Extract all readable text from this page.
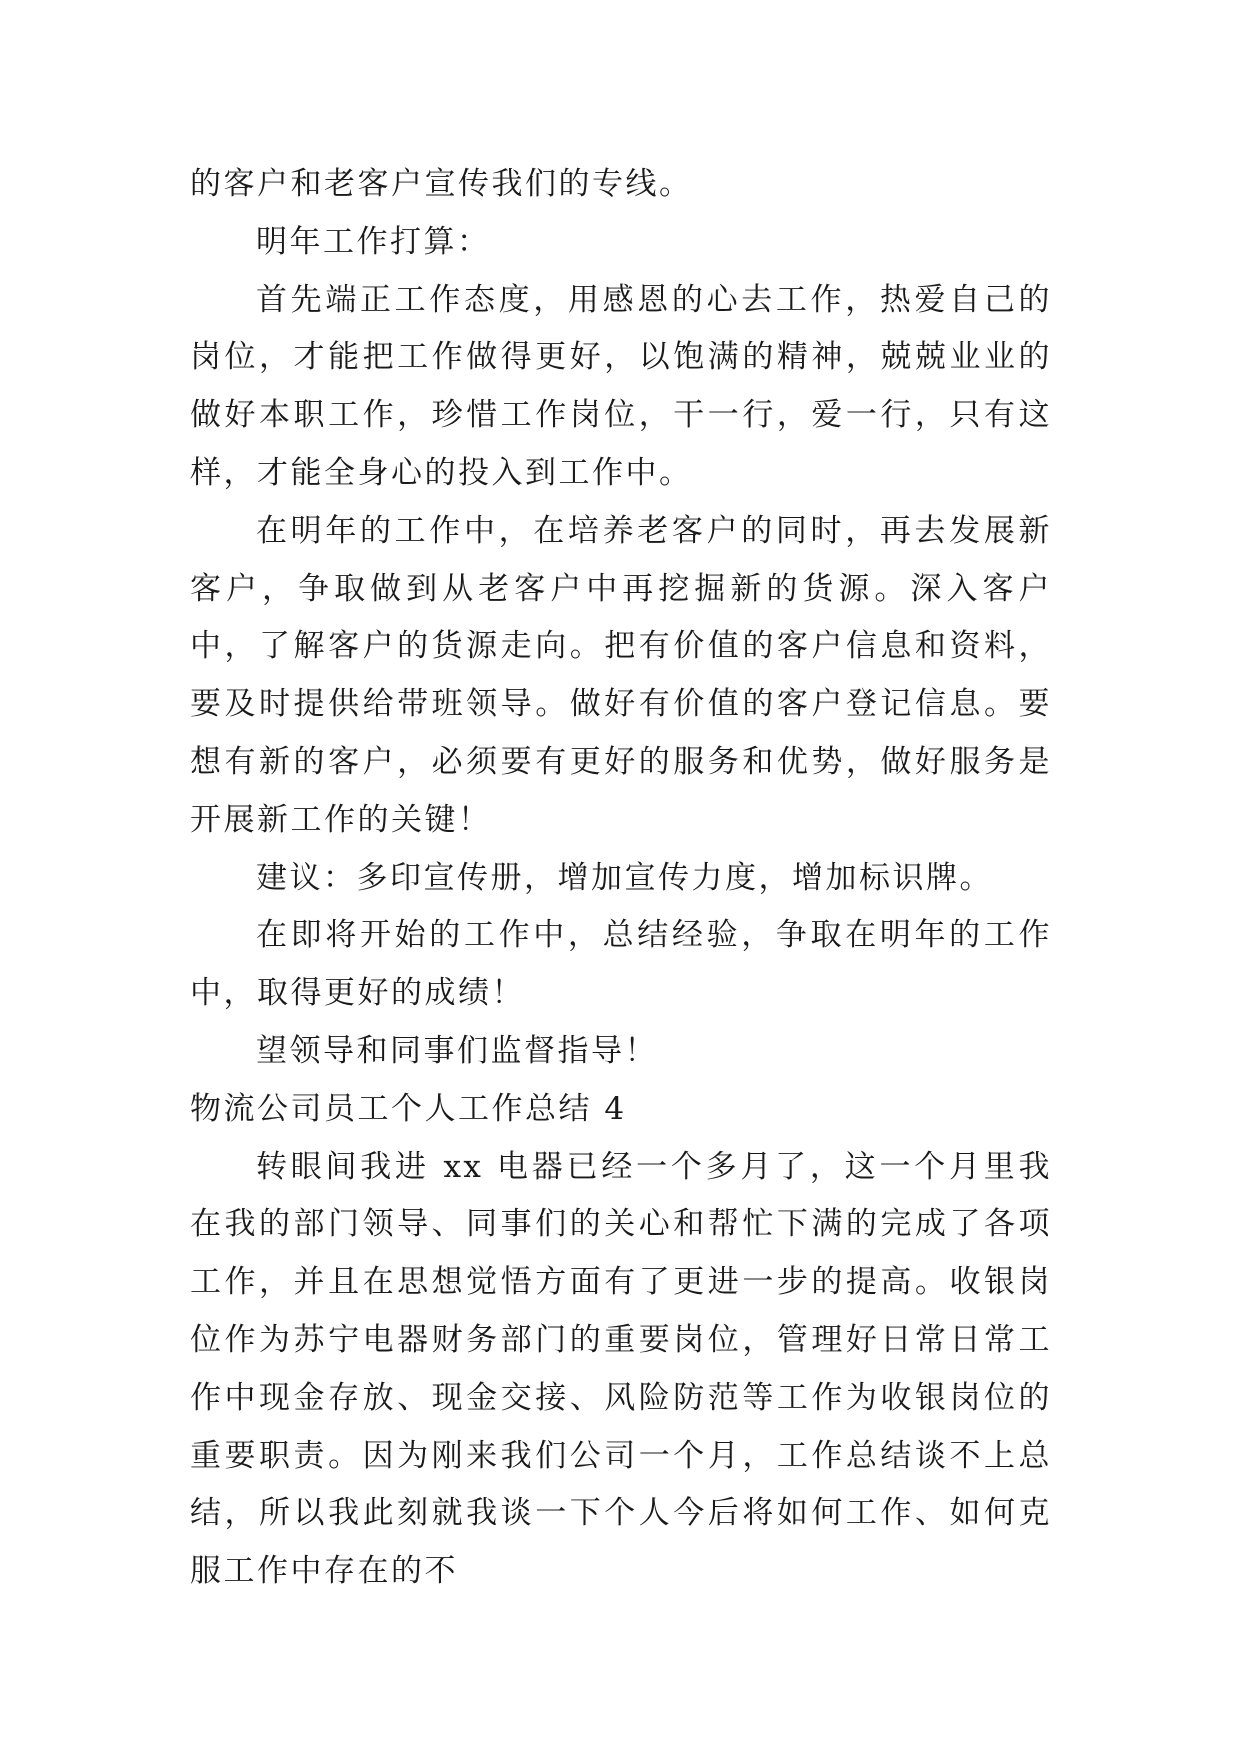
的客户和老客户宣传我们的专线。

明年工作打算：

首先端正工作态度，用感恩的心去工作，热爱自己的岗位，才能把工作做得更好，以饱满的精神，兢兢业业的做好本职工作，珍惜工作岗位，干一行，爱一行，只有这样，才能全身心的投入到工作中。

在明年的工作中，在培养老客户的同时，再去发展新客户，争取做到从老客户中再挖掘新的货源。深入客户中，了解客户的货源走向。把有价值的客户信息和资料，要及时提供给带班领导。做好有价值的客户登记信息。要想有新的客户，必须要有更好的服务和优势，做好服务是开展新工作的关键！

建议：多印宣传册，增加宣传力度，增加标识牌。

在即将开始的工作中，总结经验，争取在明年的工作中，取得更好的成绩！

望领导和同事们监督指导！

物流公司员工个人工作总结 4

转眼间我进 xx 电器已经一个多月了，这一个月里我在我的部门领导、同事们的关心和帮忙下满的完成了各项工作，并且在思想觉悟方面有了更进一步的提高。收银岗位作为苏宁电器财务部门的重要岗位，管理好日常日常工作中现金存放、现金交接、风险防范等工作为收银岗位的重要职责。因为刚来我们公司一个月，工作总结谈不上总结，所以我此刻就我谈一下个人今后将如何工作、如何克服工作中存在的不
